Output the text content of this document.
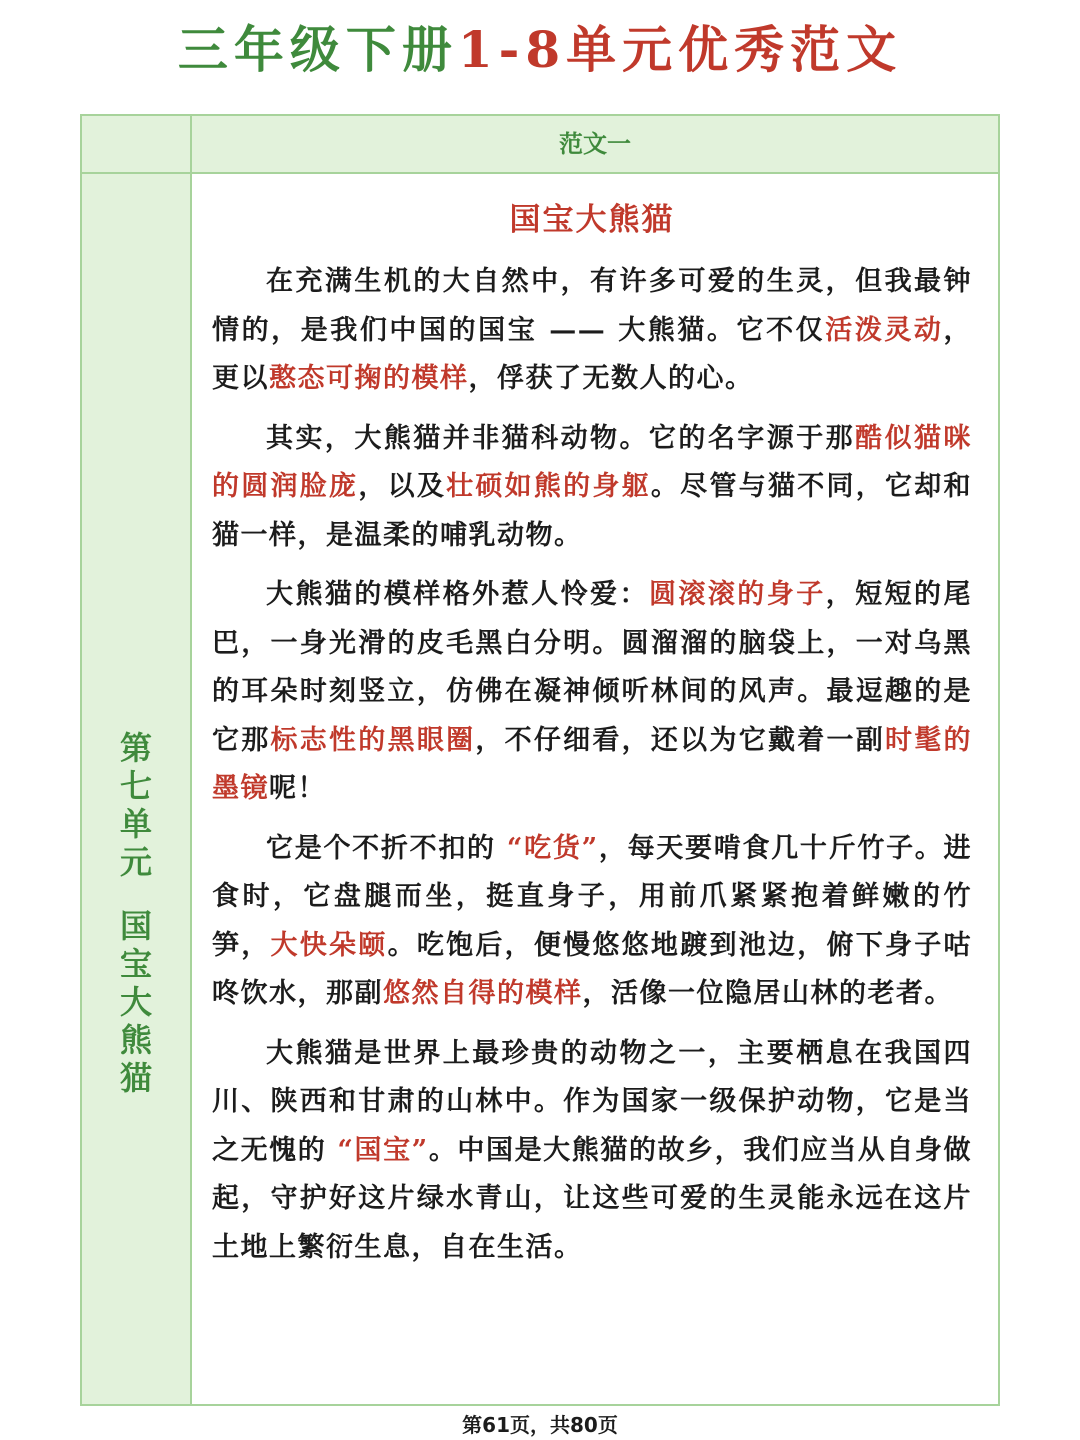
三年级下册1-8单元优秀范文
范文一
第
七
单
元
国
宝
大
熊
猫
国宝大熊猫

在充满生机的大自然中，有许多可爱的生灵，但我最钟情的，是我们中国的国宝 —— 大熊猫。它不仅活泼灵动，更以憨态可掬的模样，俘获了无数人的心。

其实，大熊猫并非猫科动物。它的名字源于那酷似猫咪的圆润脸庞，以及壮硕如熊的身躯。尽管与猫不同，它却和猫一样，是温柔的哺乳动物。

大熊猫的模样格外惹人怜爱：圆滚滚的身子，短短的尾巴，一身光滑的皮毛黑白分明。圆溜溜的脑袋上，一对乌黑的耳朵时刻竖立，仿佛在凝神倾听林间的风声。最逗趣的是它那标志性的黑眼圈，不仔细看，还以为它戴着一副时髦的墨镜呢！

它是个不折不扣的 “吃货”，每天要啃食几十斤竹子。进食时，它盘腿而坐，挺直身子，用前爪紧紧抱着鲜嫩的竹笋，大快朵颐。吃饱后，便慢悠悠地踱到池边，俯下身子咕咚饮水，那副悠然自得的模样，活像一位隐居山林的老者。

大熊猫是世界上最珍贵的动物之一，主要栖息在我国四川、陕西和甘肃的山林中。作为国家一级保护动物，它是当之无愧的 “国宝”。中国是大熊猫的故乡，我们应当从自身做起，守护好这片绿水青山，让这些可爱的生灵能永远在这片土地上繁衍生息，自在生活。

第61页，共80页
